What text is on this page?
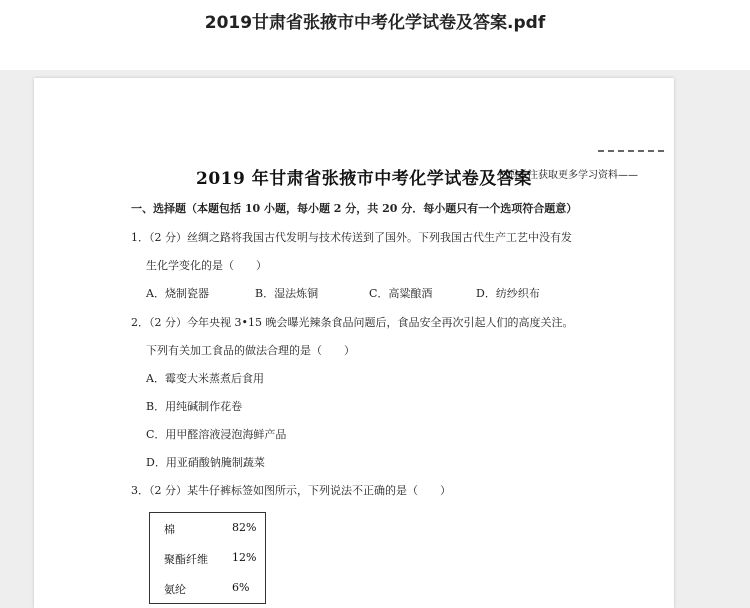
2019甘肃省张掖市中考化学试卷及答案.pdf
2019 年甘肃省张掖市中考化学试卷及答案
扫码关注获取更多学习资料——
一、选择题（本题包括 10 小题，每小题 2 分，共 20 分．每小题只有一个选项符合题意）
1．（2 分）丝绸之路将我国古代发明与技术传送到了国外。下列我国古代生产工艺中没有发
生化学变化的是（　　）
A．烧制瓷器	B．湿法炼铜	C．高粱酿酒	D．纺纱织布
2．（2 分）今年央视 3•15 晚会曝光辣条食品问题后，食品安全再次引起人们的高度关注。
下列有关加工食品的做法合理的是（　　）
A．霉变大米蒸煮后食用
B．用纯碱制作花卷
C．用甲醛溶液浸泡海鲜产品
D．用亚硝酸钠腌制蔬菜
3．（2 分）某牛仔裤标签如图所示，下列说法不正确的是（　　）
棉	82%
聚酯纤维 12%
氨纶	6%
